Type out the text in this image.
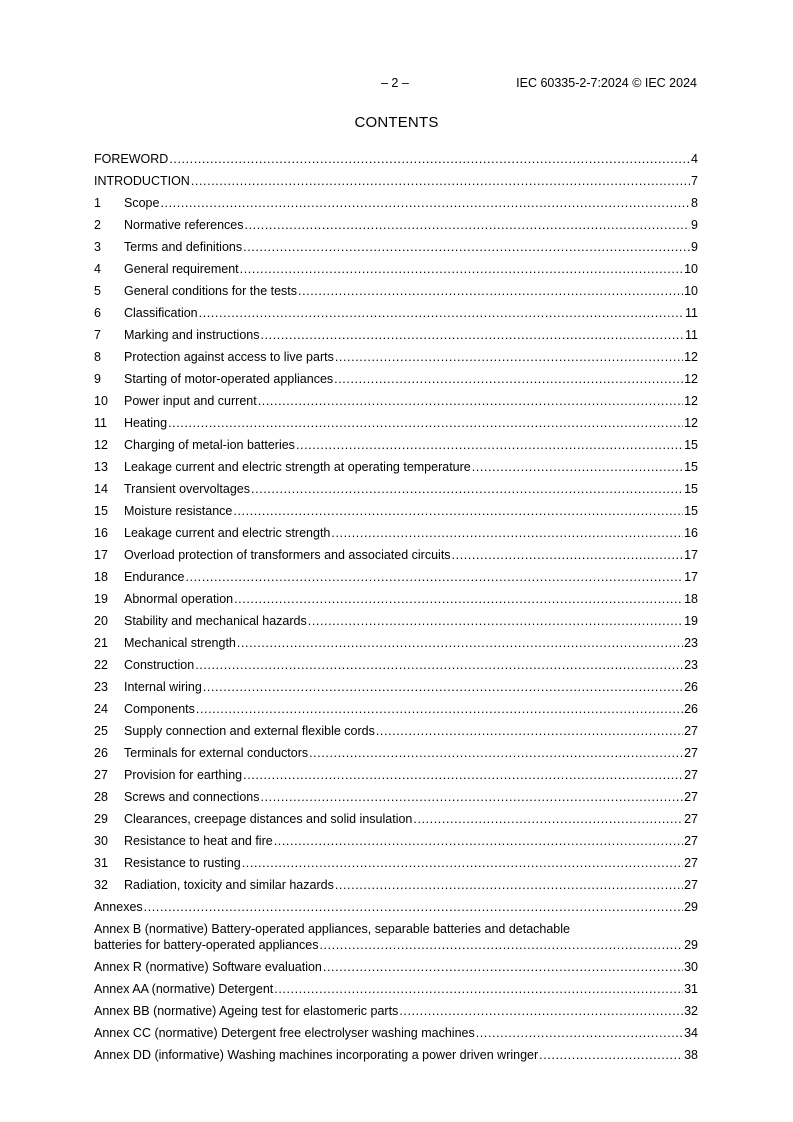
– 2 –	IEC 60335-2-7:2024 © IEC 2024
CONTENTS
FOREWORD .....	4
INTRODUCTION .....	7
1	Scope .....	8
2	Normative references .....	9
3	Terms and definitions .....	9
4	General requirement .....	10
5	General conditions for the tests .....	10
6	Classification .....	11
7	Marking and instructions .....	11
8	Protection against access to live parts .....	12
9	Starting of motor-operated appliances .....	12
10	Power input and current .....	12
11	Heating .....	12
12	Charging of metal-ion batteries .....	15
13	Leakage current and electric strength at operating temperature .....	15
14	Transient overvoltages .....	15
15	Moisture resistance .....	15
16	Leakage current and electric strength .....	16
17	Overload protection of transformers and associated circuits .....	17
18	Endurance .....	17
19	Abnormal operation .....	18
20	Stability and mechanical hazards .....	19
21	Mechanical strength .....	23
22	Construction .....	23
23	Internal wiring .....	26
24	Components .....	26
25	Supply connection and external flexible cords .....	27
26	Terminals for external conductors .....	27
27	Provision for earthing .....	27
28	Screws and connections .....	27
29	Clearances, creepage distances and solid insulation .....	27
30	Resistance to heat and fire .....	27
31	Resistance to rusting .....	27
32	Radiation, toxicity and similar hazards .....	27
Annexes .....	29
Annex B (normative) Battery-operated appliances, separable batteries and detachable
batteries for battery-operated appliances .....	29
Annex R (normative) Software evaluation .....	30
Annex AA (normative) Detergent .....	31
Annex BB (normative) Ageing test for elastomeric parts .....	32
Annex CC (normative) Detergent free electrolyser washing machines .....	34
Annex DD (informative) Washing machines incorporating a power driven wringer .....	38
